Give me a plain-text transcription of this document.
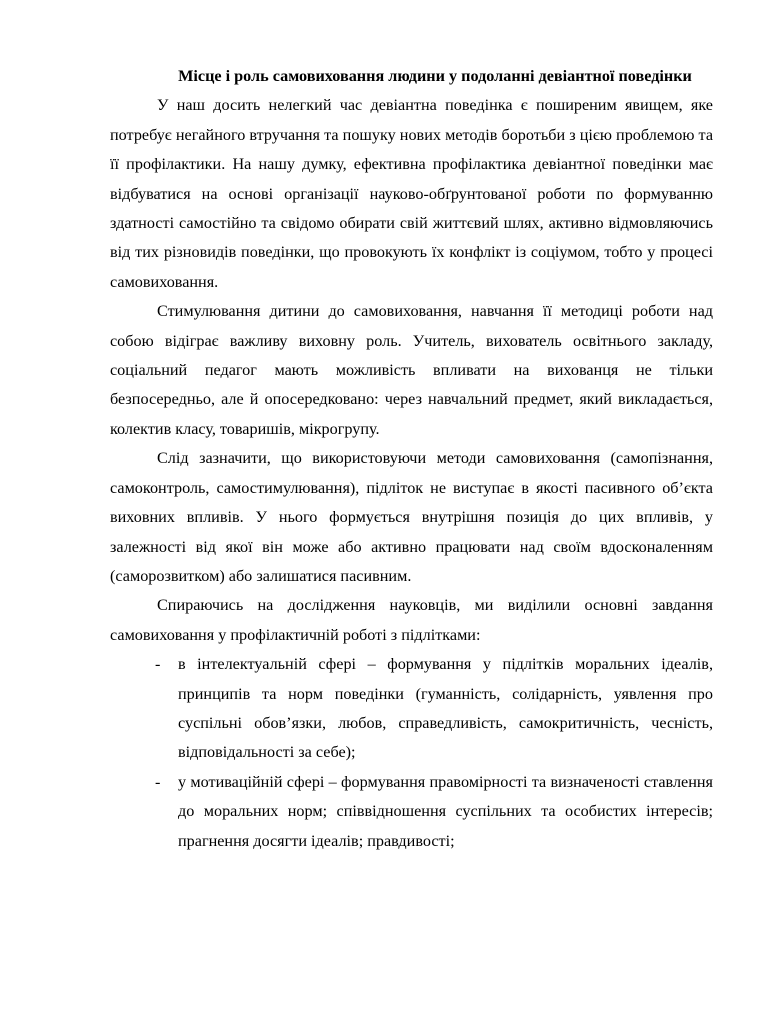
Місце і роль самовиховання людини у подоланні девіантної поведінки

У наш досить нелегкий час девіантна поведінка є поширеним явищем, яке потребує негайного втручання та пошуку нових методів боротьби з цією проблемою та її профілактики. На нашу думку, ефективна профілактика девіантної поведінки має відбуватися на основі організації науково-обґрунтованої роботи по формуванню здатності самостійно та свідомо обирати свій життєвий шлях, активно відмовляючись від тих різновидів поведінки, що провокують їх конфлікт із соціумом, тобто у процесі самовиховання.

Стимулювання дитини до самовиховання, навчання її методиці роботи над собою відіграє важливу виховну роль. Учитель, вихователь освітнього закладу, соціальний педагог мають можливість впливати на вихованця не тільки безпосередньо, але й опосередковано: через навчальний предмет, який викладається, колектив класу, товаришів, мікрогрупу.

Слід зазначити, що використовуючи методи самовиховання (самопізнання, самоконтроль, самостимулювання), підліток не виступає в якості пасивного об’єкта виховних впливів. У нього формується внутрішня позиція до цих впливів, у залежності від якої він може або активно працювати над своїм вдосконаленням (саморозвитком) або залишатися пасивним.

Спираючись на дослідження науковців, ми виділили основні завдання самовиховання у профілактичній роботі з підлітками:

- в інтелектуальній сфері – формування у підлітків моральних ідеалів, принципів та норм поведінки (гуманність, солідарність, уявлення про суспільні обов’язки, любов, справедливість, самокритичність, чесність, відповідальності за себе);
- у мотиваційній сфері – формування правомірності та визначеності ставлення до моральних норм; співвідношення суспільних та особистих інтересів; прагнення досягти ідеалів; правдивості;
